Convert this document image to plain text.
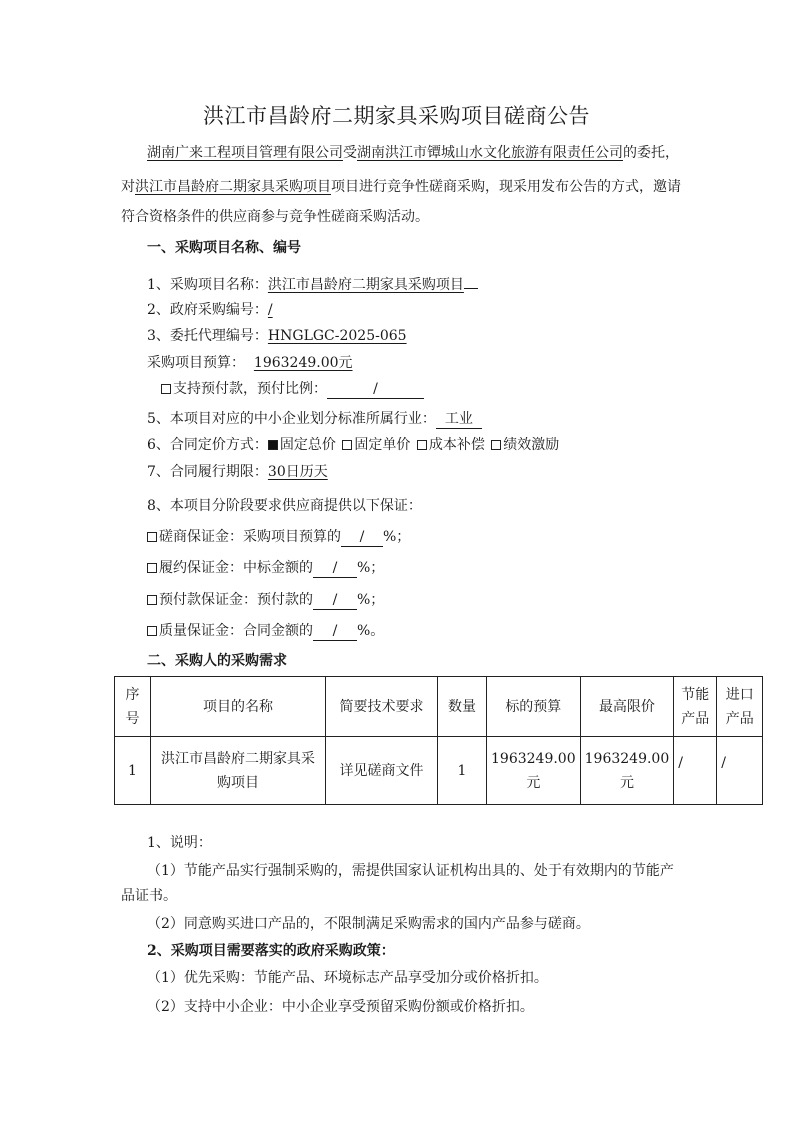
洪江市昌龄府二期家具采购项目磋商公告
湖南广来工程项目管理有限公司受湖南洪江市镡城山水文化旅游有限责任公司的委托，
对洪江市昌龄府二期家具采购项目项目进行竞争性磋商采购，现采用发布公告的方式，邀请
符合资格条件的供应商参与竞争性磋商采购活动。
一、采购项目名称、编号
1、采购项目名称：洪江市昌龄府二期家具采购项目
2、政府采购编号：/
3、委托代理编号：HNGLGC-2025-065
采购项目预算： 1963249.00元
支持预付款，预付比例：	/
5、本项目对应的中小企业划分标准所属行业： 工业
6、合同定价方式： 固定总价 固定单价 成本补偿 绩效激励
7、合同履行期限：30日历天
8、本项目分阶段要求供应商提供以下保证：
磋商保证金：采购项目预算的 / %；
履约保证金：中标金额的 / %；
预付款保证金：预付款的 / %；
质量保证金：合同金额的 / %。
二、采购人的采购需求
序
号	项目的名称	简要技术要求	数量	标的预算	最高限价	节能
产品	进口
产品
1	洪江市昌龄府二期家具采
购项目	详见磋商文件	1	1963249.00
元	1963249.00
元	/	/
1、说明：
（1）节能产品实行强制采购的，需提供国家认证机构出具的、处于有效期内的节能产
品证书。
（2）同意购买进口产品的，不限制满足采购需求的国内产品参与磋商。
2、采购项目需要落实的政府采购政策：
（1）优先采购：节能产品、环境标志产品享受加分或价格折扣。
（2）支持中小企业：中小企业享受预留采购份额或价格折扣。
